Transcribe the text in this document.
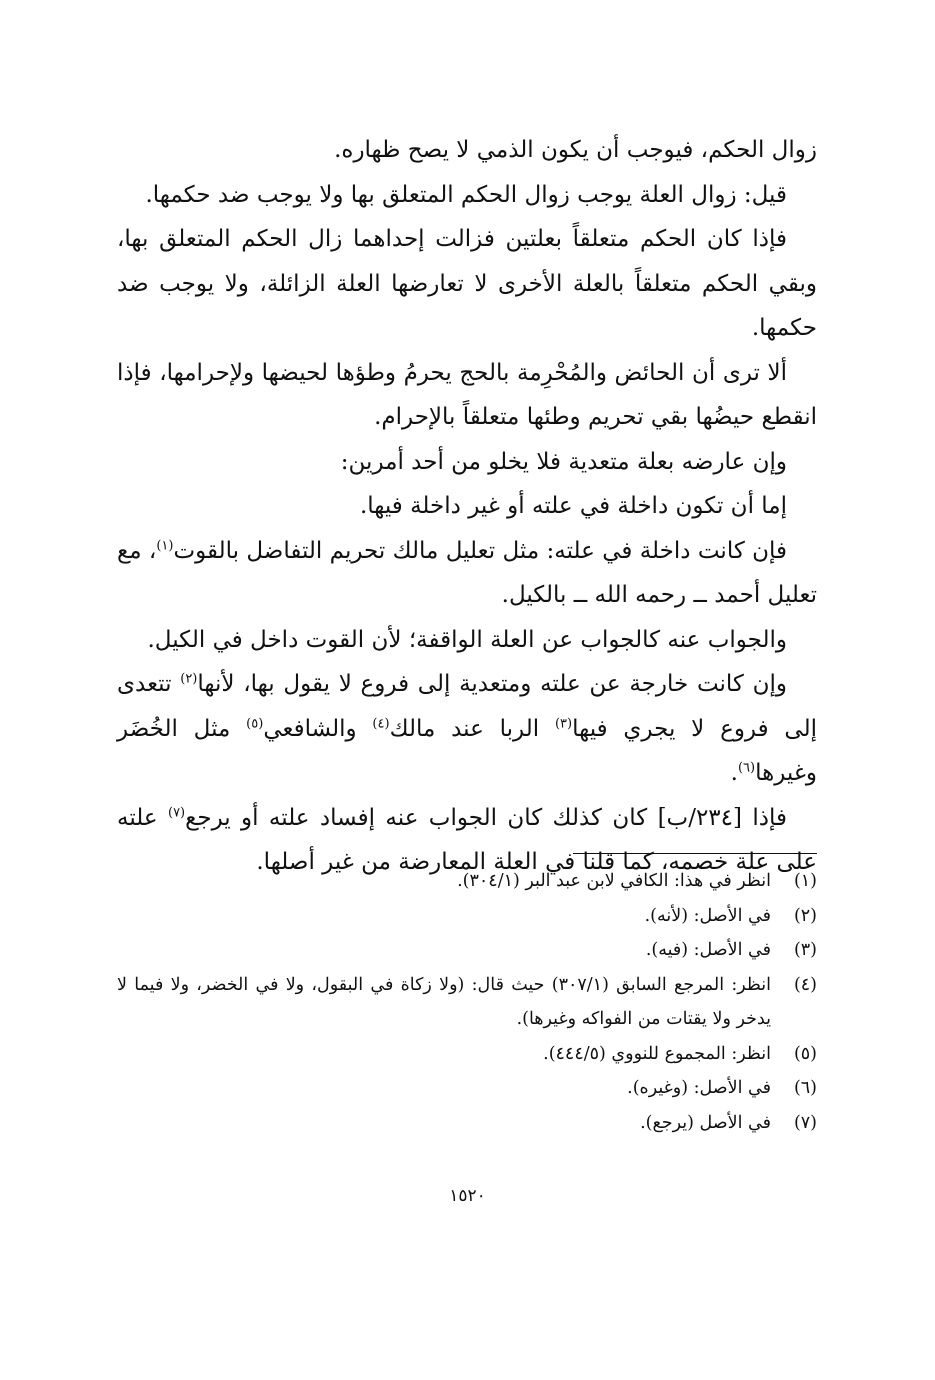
زوال الحكم، فيوجب أن يكون الذمي لا يصح ظهاره.

قيل: زوال العلة يوجب زوال الحكم المتعلق بها ولا يوجب ضد حكمها.

فإذا كان الحكم متعلقاً بعلتين فزالت إحداهما زال الحكم المتعلق بها، وبقي الحكم متعلقاً بالعلة الأخرى لا تعارضها العلة الزائلة، ولا يوجب ضد حكمها.

ألا ترى أن الحائض والمُحْرِمة بالحج يحرمُ وطؤها لحيضها ولإحرامها، فإذا انقطع حيضُها بقي تحريم وطئها متعلقاً بالإحرام.

وإن عارضه بعلة متعدية فلا يخلو من أحد أمرين:

إما أن تكون داخلة في علته أو غير داخلة فيها.

فإن كانت داخلة في علته: مثل تعليل مالك تحريم التفاضل بالقوت$^{(١)}$، مع تعليل أحمد ــ رحمه الله ــ بالكيل.

والجواب عنه كالجواب عن العلة الواقفة؛ لأن القوت داخل في الكيل.

وإن كانت خارجة عن علته ومتعدية إلى فروع لا يقول بها، لأنها$^{(٢)}$ تتعدى إلى فروع لا يجري فيها$^{(٣)}$ الربا عند مالك$^{(٤)}$ والشافعي$^{(٥)}$ مثل الخُضَر وغيرها$^{(٦)}$.

فإذا [٢٣٤/ب] كان كذلك كان الجواب عنه إفساد علته أو يرجع$^{(٧)}$ علته على علة خصمه، كما قلنا في العلة المعارضة من غير أصلها.

(١)
انظر في هذا: الكافي لابن عبد البر (٣٠٤/١).
(٢)
في الأصل: (لأنه).
(٣)
في الأصل: (فيه).
(٤)
انظر: المرجع السابق (٣٠٧/١) حيث قال: (ولا زكاة في البقول، ولا في الخضر، ولا فيما لا يدخر ولا يقتات من الفواكه وغيرها).
(٥)
انظر: المجموع للنووي (٤٤٤/٥).
(٦)
في الأصل: (وغيره).
(٧)
في الأصل (يرجع).
١٥٢٠
